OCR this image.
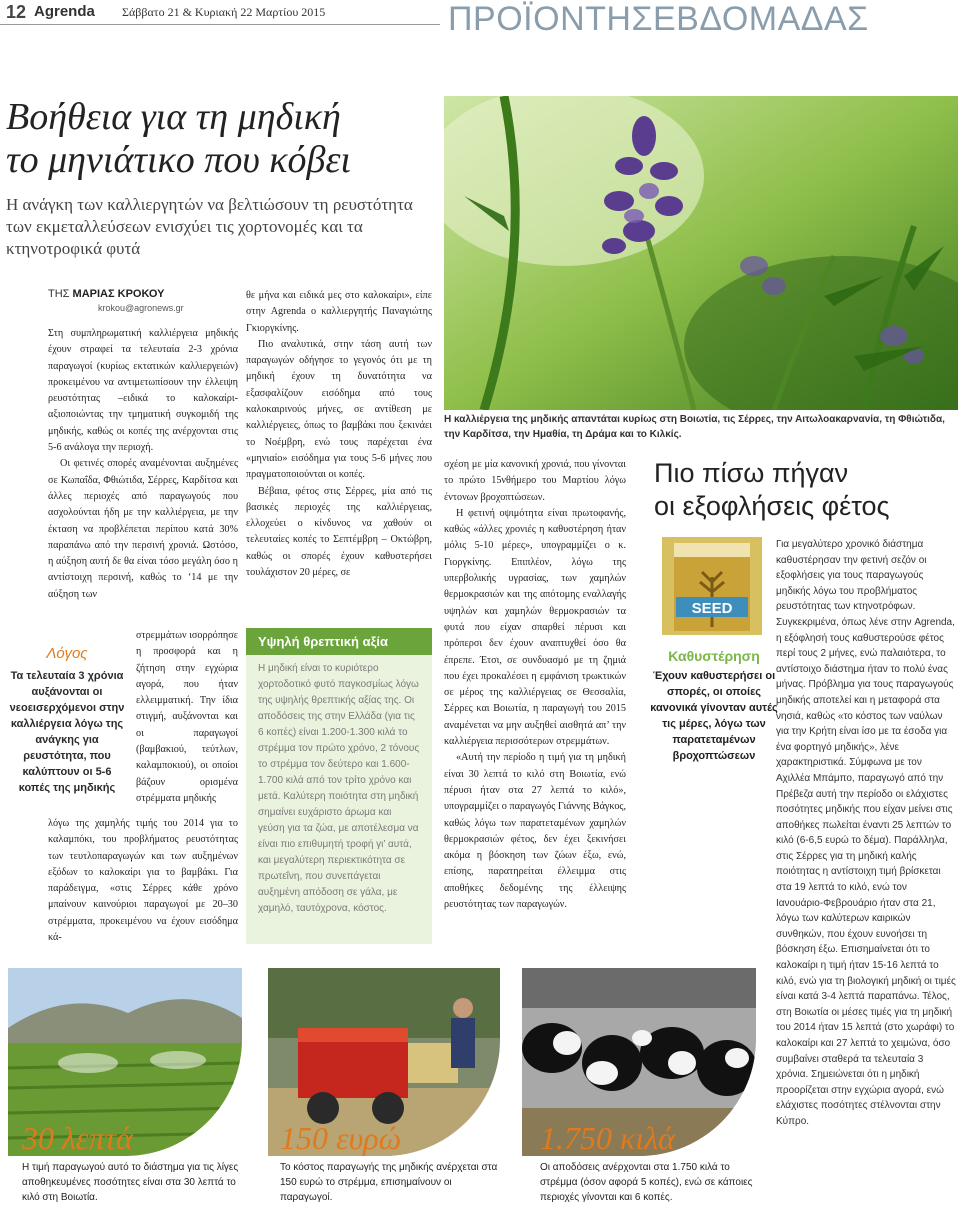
12 Agrenda Σάββατο 21 & Κυριακή 22 Μαρτίου 2015	ΠΡΟΪΟΝΤΗΣΕΒΔΟΜΑΔΑΣ
Βοήθεια για τη μηδική
το μηνιάτικο που κόβει
Η ανάγκη των καλλιεργητών να βελτιώσουν τη ρευστότητα των εκμεταλλεύσεων ενισχύει τις χορτονομές και τα κτηνοτροφικά φυτά
ΤΗΣ ΜΑΡΙΑΣ ΚΡΟΚΟΥ
krokou@agronews.gr

Στη συμπληρωματική καλλιέργεια μηδικής έχουν στραφεί τα τελευταία 2-3 χρόνια παραγωγοί (κυρίως εκτατικών καλλιεργειών) προκειμένου να αντιμετωπίσουν την έλλειψη ρευστότητας –ειδικά το καλοκαίρι- αξιοποιώντας την τμηματική συγκομιδή της μηδικής, καθώς οι κοπές της ανέρχονται στις 5-6 ανάλογα την περιοχή.

Οι φετινές σπορές αναμένονται αυξημένες σε Κωπαΐδα, Φθιώτιδα, Σέρρες, Καρδίτσα και άλλες περιοχές από παραγωγούς που ασχολούνται ήδη με την καλλιέργεια, με την έκταση να προβλέπεται περίπου κατά 30% παραπάνω από την περσινή χρονιά. Ωστόσο, η αύξηση αυτή δε θα είναι τόσο μεγάλη όσο η αντίστοιχη περσινή, καθώς το ‘14 με την αύξηση των

στρεμμάτων ισορρόπησε η προσφορά και η ζήτηση στην εγχώρια αγορά, που ήταν ελλειμματική. Την ίδια στιγμή, αυξάνονται και οι παραγωγοί (βαμβακιού, τεύτλων, καλαμποκιού), οι οποίοι βάζουν ορισμένα στρέμματα μηδικής

λόγω της χαμηλής τιμής του 2014 για το καλαμπόκι, του προβλήματος ρευστότητας των τευτλοπαραγωγών και των αυξημένων εξόδων το καλοκαίρι για το βαμβάκι. Για παράδειγμα, «στις Σέρρες κάθε χρόνο μπαίνουν καινούριοι παραγωγοί με 20–30 στρέμματα, προκειμένου να έχουν εισόδημα κά-

Λόγος
Τα τελευταία 3 χρόνια αυξάνονται οι νεοεισερχόμενοι στην καλλιέργεια λόγω της ανάγκης για ρευστότητα, που καλύπτουν οι 5-6 κοπές της μηδικής

θε μήνα και ειδικά μες στο καλοκαίρι», είπε στην Agrenda ο καλλιεργητής Παναγιώτης Γκιοργκίνης.

Πιο αναλυτικά, στην τάση αυτή των παραγωγών οδήγησε το γεγονός ότι με τη μηδική έχουν τη δυνατότητα να εξασφαλίζουν εισόδημα από τους καλοκαιρινούς μήνες, σε αντίθεση με καλλιέργειες, όπως το βαμβάκι που ξεκινάει το Νοέμβρη, ενώ τους παρέχεται ένα «μηνιαίο» εισόδημα για τους 5-6 μήνες που πραγματοποιούνται οι κοπές.

Βέβαια, φέτος στις Σέρρες, μία από τις βασικές περιοχές της καλλιέργειας, ελλοχεύει ο κίνδυνος να χαθούν οι τελευταίες κοπές το Σεπτέμβρη – Οκτώβρη, καθώς οι σπορές έχουν καθυστερήσει τουλάχιστον 20 μέρες, σε

Υψηλή θρεπτική αξία
Η μηδική είναι το κυριότερο χορτοδοτικό φυτό παγκοσμίως λόγω της υψηλής θρεπτικής αξίας της. Οι αποδόσεις της στην Ελλάδα (για τις 6 κοπές) είναι 1.200-1.300 κιλά το στρέμμα τον πρώτο χρόνο, 2 τόνους το στρέμμα τον δεύτερο και 1.600-1.700 κιλά από τον τρίτο χρόνο και μετά. Καλύτερη ποιότητα στη μηδική σημαίνει ευχάριστο άρωμα και γεύση για τα ζώα, με αποτέλεσμα να είναι πιο επιθυμητή τροφή γι’ αυτά, και μεγαλύτερη περιεκτικότητα σε πρωτεΐνη, που συνεπάγεται αυξημένη απόδοση σε γάλα, με χαμηλό, ταυτόχρονα, κόστος.
Η καλλιέργεια της μηδικής απαντάται κυρίως στη Βοιωτία, τις Σέρρες, την Αιτωλοακαρνανία, τη Φθιώτιδα, την Καρδίτσα, την Ημαθία, τη Δράμα και το Κιλκίς.

σχέση με μία κανονική χρονιά, που γίνονται το πρώτο 15νθήμερο του Μαρτίου λόγω έντονων βροχοπτώσεων.

Η φετινή οψιμότητα είναι πρωτοφανής, καθώς «άλλες χρονιές η καθυστέρηση ήταν μόλις 5-10 μέρες», υπογραμμίζει ο κ. Γιοργκίνης. Επιπλέον, λόγω της υπερβολικής υγρασίας, των χαμηλών θερμοκρασιών και της απότομης εναλλαγής υψηλών και χαμηλών θερμοκρασιών τα φυτά που είχαν σπαρθεί πέρυσι και πρόπερσι δεν έχουν αναπτυχθεί όσο θα έπρεπε. Έτσι, σε συνδυασμό με τη ζημιά που έχει προκαλέσει η εμφάνιση τρωκτικών σε μέρος της καλλιέργειας σε Θεσσαλία, Σέρρες και Βοιωτία, η παραγωγή του 2015 αναμένεται να μην αυξηθεί αισθητά απ’ την καλλιέργεια περισσότερων στρεμμάτων.

«Αυτή την περίοδο η τιμή για τη μηδική είναι 30 λεπτά το κιλό στη Βοιωτία, ενώ πέρυσι ήταν στα 27 λεπτά το κιλό», υπογραμμίζει ο παραγωγός Γιάννης Βάγκος, καθώς λόγω των παρατεταμένων χαμηλών θερμοκρασιών φέτος, δεν έχει ξεκινήσει ακόμα η βόσκηση των ζώων έξω, ενώ, επίσης, παρατηρείται έλλειμμα στις αποθήκες δεδομένης της έλλειψης ρευστότητας των παραγωγών.

Πιο πίσω πήγαν
οι εξοφλήσεις φέτος
SEED
Καθυστέρηση
Έχουν καθυστερήσει οι σπορές, οι οποίες κανονικά γίνονταν αυτές τις μέρες, λόγω των παρατεταμένων βροχοπτώσεων
Για μεγαλύτερο χρονικό διάστημα καθυστέρησαν την φετινή σεζόν οι εξοφλήσεις για τους παραγωγούς μηδικής λόγω του προβλήματος ρευστότητας των κτηνοτρόφων. Συγκεκριμένα, όπως λένε στην Agrenda, η εξόφλησή τους καθυστερούσε φέτος περί τους 2 μήνες, ενώ παλαιότερα, το αντίστοιχο διάστημα ήταν το πολύ ένας μήνας. Πρόβλημα για τους παραγωγούς μηδικής αποτελεί και η μεταφορά στα νησιά, καθώς «το κόστος των ναύλων για την Κρήτη είναι ίσο με τα έσοδα για ένα φορτηγό μηδικής», λένε χαρακτηριστικά. Σύμφωνα με τον Αχιλλέα Μπάμπο, παραγωγό από την Πρέβεζα αυτή την περίοδο οι ελάχιστες ποσότητες μηδικής που είχαν μείνει στις αποθήκες πωλείται έναντι 25 λεπτών το κιλό (6-6,5 ευρώ το δέμα). Παράλληλα, στις Σέρρες για τη μηδική καλής ποιότητας η αντίστοιχη τιμή βρίσκεται στα 19 λεπτά το κιλό, ενώ τον Ιανουάριο-Φεβρουάριο ήταν στα 21, λόγω των καλύτερων καιρικών συνθηκών, που έχουν ευνοήσει τη βόσκηση έξω. Επισημαίνεται ότι το καλοκαίρι η τιμή ήταν 15-16 λεπτά το κιλό, ενώ για τη βιολογική μηδική οι τιμές είναι κατά 3-4 λεπτά παραπάνω. Τέλος, στη Βοιωτία οι μέσες τιμές για τη μηδική του 2014 ήταν 15 λεπτά (στο χωράφι) το καλοκαίρι και 27 λεπτά το χειμώνα, όσο συμβαίνει σταθερά τα τελευταία 3 χρόνια. Σημειώνεται ότι η μηδική προορίζεται στην εγχώρια αγορά, ενώ ελάχιστες ποσότητες στέλνονται στην Κύπρο.
30 λεπτά
Η τιμή παραγωγού αυτό το διάστημα για τις λίγες αποθηκευμένες ποσότητες είναι στα 30 λεπτά το κιλό στη Βοιωτία.
150 ευρώ
Το κόστος παραγωγής της μηδικής ανέρχεται στα 150 ευρώ το στρέμμα, επισημαίνουν οι παραγωγοί.
1.750 κιλά
Οι αποδόσεις ανέρχονται στα 1.750 κιλά το στρέμμα (όσον αφορά 5 κοπές), ενώ σε κάποιες περιοχές γίνονται και 6 κοπές.
